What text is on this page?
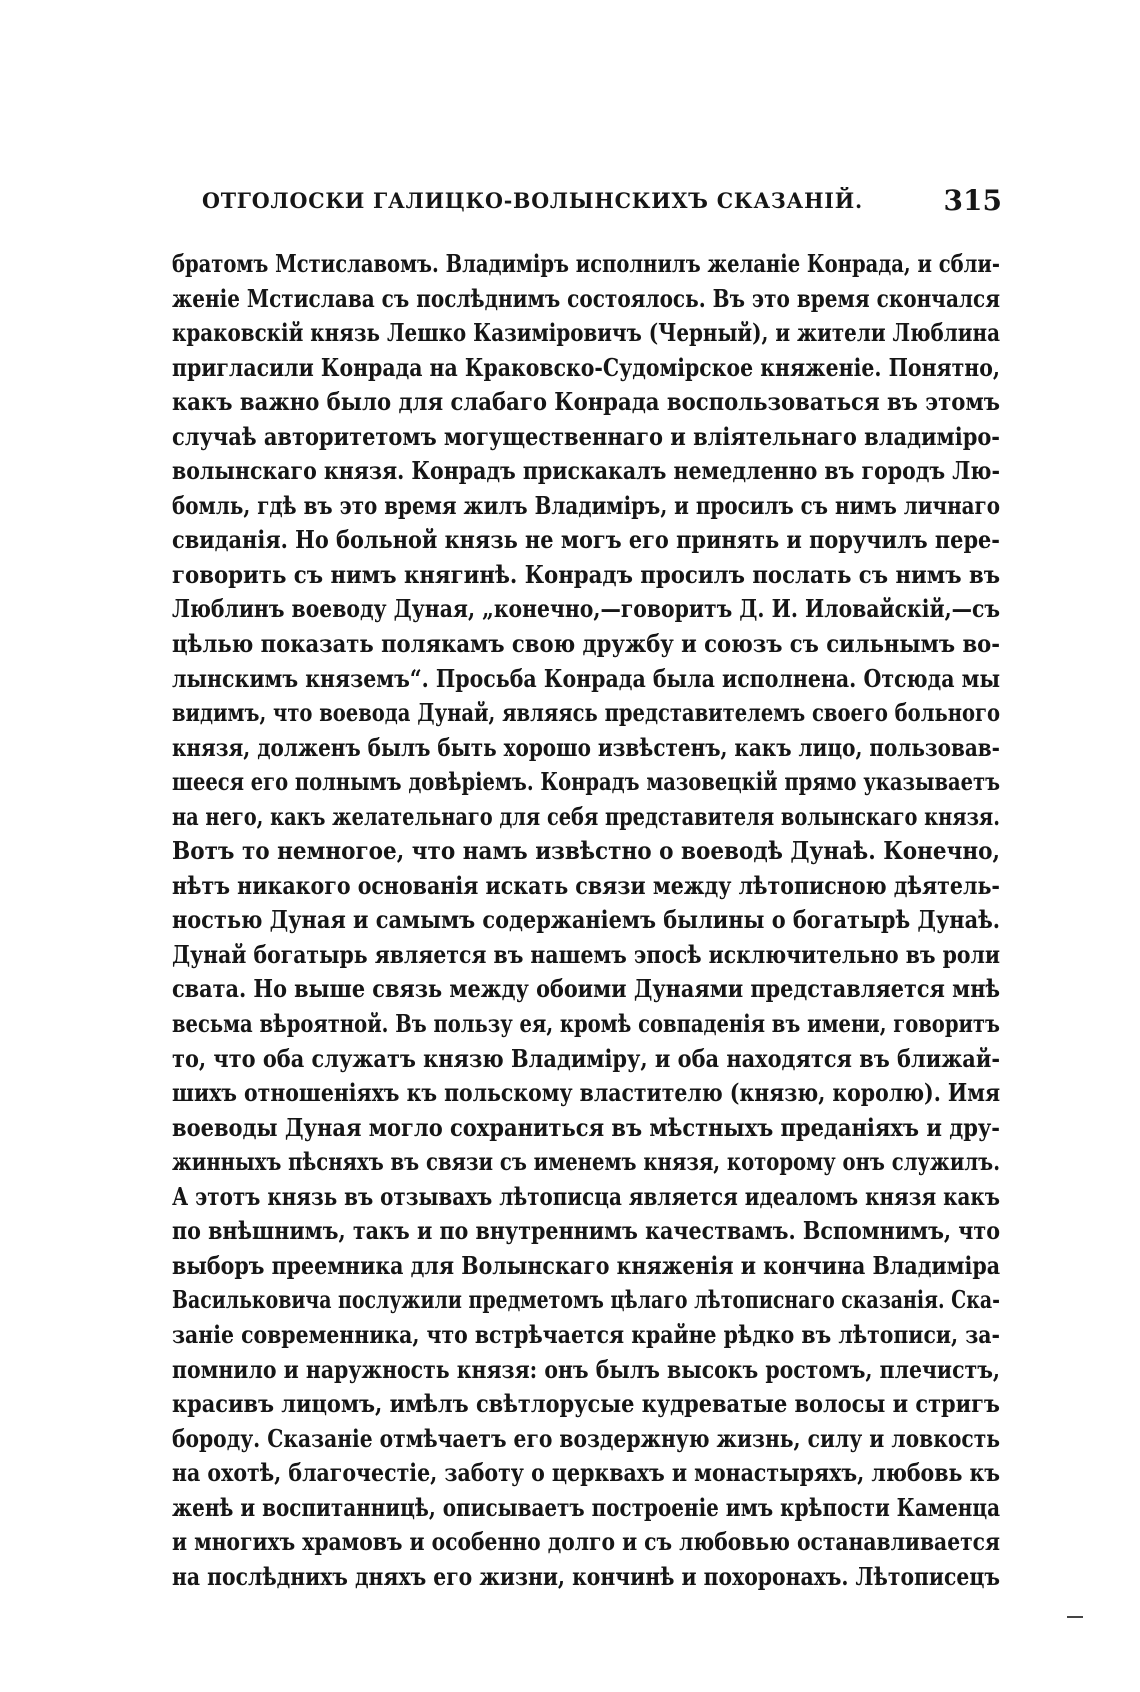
ОТГОЛОСКИ ГАЛИЦКО-ВОЛЫНСКИХЪ СКАЗАНІЙ.	315
братомъ Мстиславомъ. Владиміръ исполнилъ желаніе Конрада, и сбли-
женіе Мстислава съ послѣднимъ состоялось. Въ это время скончался
краковскій князь Лешко Казиміровичъ (Черный), и жители Люблина
пригласили Конрада на Краковско-Судомірское княженіе. Понятно,
какъ важно было для слабаго Конрада воспользоваться въ этомъ
случаѣ авторитетомъ могущественнаго и вліятельнаго владиміро-
волынскаго князя. Конрадъ прискакалъ немедленно въ городъ Лю-
бомль, гдѣ въ это время жилъ Владиміръ, и просилъ съ нимъ личнаго
свиданія. Но больной князь не могъ его принять и поручилъ пере-
говорить съ нимъ княгинѣ. Конрадъ просилъ послать съ нимъ въ
Люблинъ воеводу Дуная, „конечно,—говоритъ Д. И. Иловайскій,—съ
цѣлью показать полякамъ свою дружбу и союзъ съ сильнымъ во-
лынскимъ княземъ“. Просьба Конрада была исполнена. Отсюда мы
видимъ, что воевода Дунай, являясь представителемъ своего больного
князя, долженъ былъ быть хорошо извѣстенъ, какъ лицо, пользовав-
шееся его полнымъ довѣріемъ. Конрадъ мазовецкій прямо указываетъ
на него, какъ желательнаго для себя представителя волынскаго князя.
Вотъ то немногое, что намъ извѣстно о воеводѣ Дунаѣ. Конечно,
нѣтъ никакого основанія искать связи между лѣтописною дѣятель-
ностью Дуная и самымъ содержаніемъ былины о богатырѣ Дунаѣ.
Дунай богатырь является въ нашемъ эпосѣ исключительно въ роли
свата. Но выше связь между обоими Дунаями представляется мнѣ
весьма вѣроятной. Въ пользу ея, кромѣ совпаденія въ имени, говоритъ
то, что оба служатъ князю Владиміру, и оба находятся въ ближай-
шихъ отношеніяхъ къ польскому властителю (князю, королю). Имя
воеводы Дуная могло сохраниться въ мѣстныхъ преданіяхъ и дру-
жинныхъ пѣсняхъ въ связи съ именемъ князя, которому онъ служилъ.
А этотъ князь въ отзывахъ лѣтописца является идеаломъ князя какъ
по внѣшнимъ, такъ и по внутреннимъ качествамъ. Вспомнимъ, что
выборъ преемника для Волынскаго княженія и кончина Владиміра
Васильковича послужили предметомъ цѣлаго лѣтописнаго сказанія. Ска-
заніе современника, что встрѣчается крайне рѣдко въ лѣтописи, за-
помнило и наружность князя: онъ былъ высокъ ростомъ, плечистъ,
красивъ лицомъ, имѣлъ свѣтлорусые кудреватые волосы и стригъ
бороду. Сказаніе отмѣчаетъ его воздержную жизнь, силу и ловкость
на охотѣ, благочестіе, заботу о церквахъ и монастыряхъ, любовь къ
женѣ и воспитанницѣ, описываетъ построеніе имъ крѣпости Каменца
и многихъ храмовъ и особенно долго и съ любовью останавливается
на послѣднихъ дняхъ его жизни, кончинѣ и похоронахъ. Лѣтописецъ
